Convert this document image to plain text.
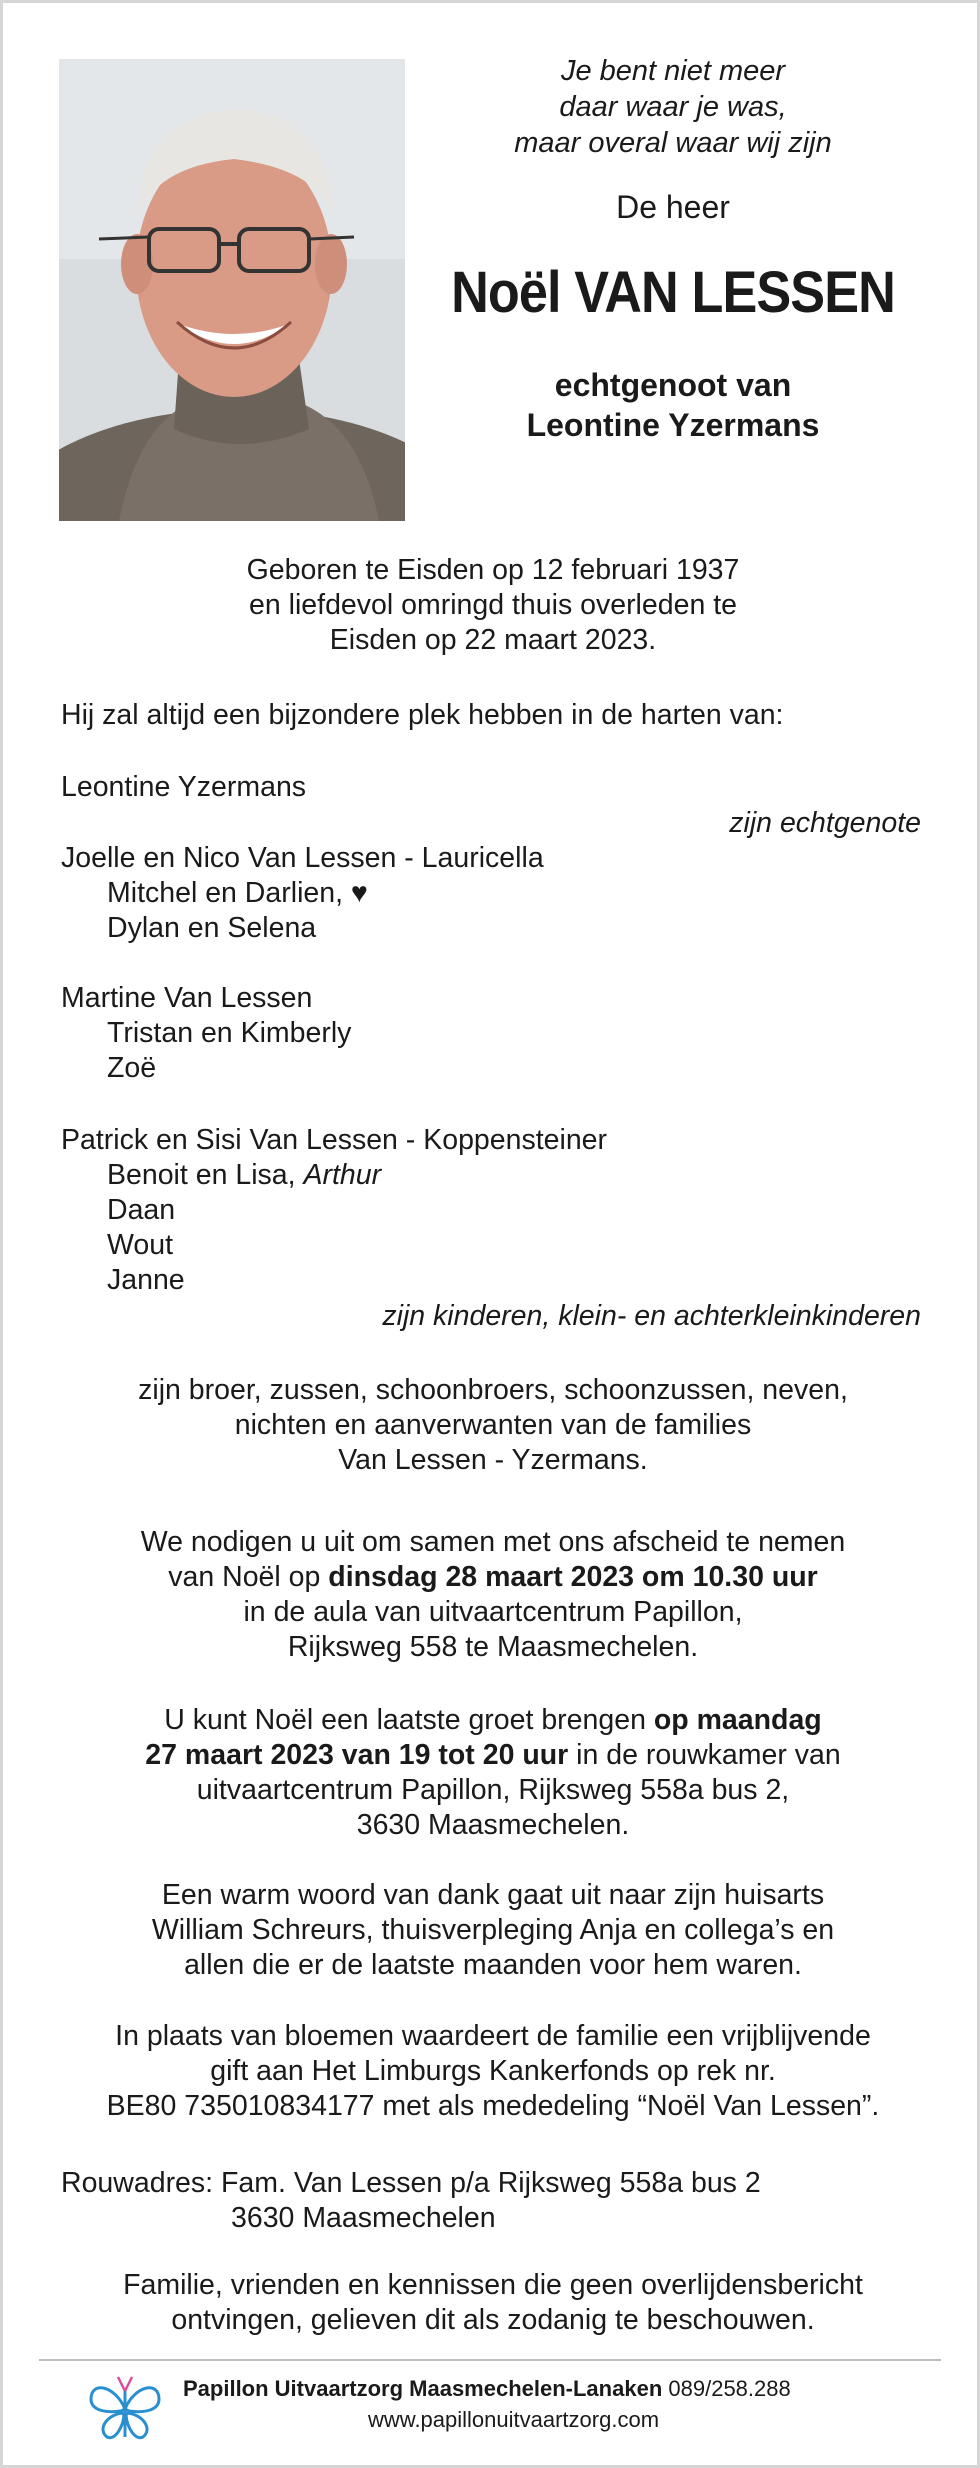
Je bent niet meer
daar waar je was,
maar overal waar wij zijn
De heer
Noël VAN LESSEN
echtgenoot van
Leontine Yzermans
Geboren te Eisden op 12 februari 1937
en liefdevol omringd thuis overleden te
Eisden op 22 maart 2023.
Hij zal altijd een bijzondere plek hebben in de harten van:
Leontine Yzermans
zijn echtgenote
Joelle en Nico Van Lessen - Lauricella
Mitchel en Darlien, ♥
Dylan en Selena
Martine Van Lessen
Tristan en Kimberly
Zoë
Patrick en Sisi Van Lessen - Koppensteiner
Benoit en Lisa, Arthur
Daan
Wout
Janne
zijn kinderen, klein- en achterkleinkinderen
zijn broer, zussen, schoonbroers, schoonzussen, neven,
nichten en aanverwanten van de families
Van Lessen - Yzermans.
We nodigen u uit om samen met ons afscheid te nemen
van Noël op dinsdag 28 maart 2023 om 10.30 uur
in de aula van uitvaartcentrum Papillon,
Rijksweg 558 te Maasmechelen.
U kunt Noël een laatste groet brengen op maandag
27 maart 2023 van 19 tot 20 uur in de rouwkamer van
uitvaartcentrum Papillon, Rijksweg 558a bus 2,
3630 Maasmechelen.
Een warm woord van dank gaat uit naar zijn huisarts
William Schreurs, thuisverpleging Anja en collega’s en
allen die er de laatste maanden voor hem waren.
In plaats van bloemen waardeert de familie een vrijblijvende
gift aan Het Limburgs Kankerfonds op rek nr.
BE80 735010834177 met als mededeling “Noël Van Lessen”.
Rouwadres: Fam. Van Lessen p/a Rijksweg 558a bus 2
3630 Maasmechelen
Familie, vrienden en kennissen die geen overlijdensbericht
ontvingen, gelieven dit als zodanig te beschouwen.
Papillon Uitvaartzorg Maasmechelen-Lanaken 089/258.288
www.papillonuitvaartzorg.com
